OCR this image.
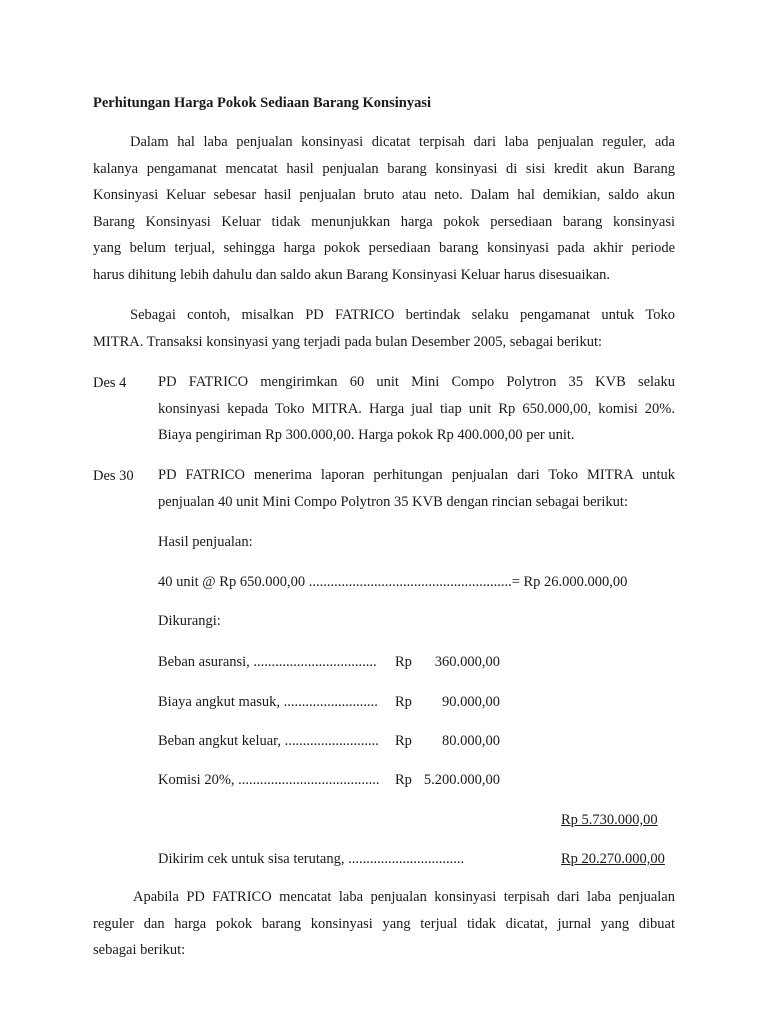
Perhitungan Harga Pokok Sediaan Barang Konsinyasi
Dalam hal laba penjualan konsinyasi dicatat terpisah dari laba penjualan reguler, ada
kalanya pengamanat mencatat hasil penjualan barang konsinyasi di sisi kredit akun Barang
Konsinyasi Keluar sebesar hasil penjualan bruto atau neto. Dalam hal demikian, saldo akun
Barang Konsinyasi Keluar tidak menunjukkan harga pokok persediaan barang konsinyasi
yang belum terjual, sehingga harga pokok persediaan barang konsinyasi pada akhir periode
harus dihitung lebih dahulu dan saldo akun Barang Konsinyasi Keluar harus disesuaikan.
Sebagai contoh, misalkan PD FATRICO bertindak selaku pengamanat untuk Toko
MITRA. Transaksi konsinyasi yang terjadi pada bulan Desember 2005, sebagai berikut:
Des 4 PD FATRICO mengirimkan 60 unit Mini Compo Polytron 35 KVB selaku
konsinyasi kepada Toko MITRA. Harga jual tiap unit Rp 650.000,00, komisi 20%.
Biaya pengiriman Rp 300.000,00. Harga pokok Rp 400.000,00 per unit.
Des 30 PD FATRICO menerima laporan perhitungan penjualan dari Toko MITRA untuk
penjualan 40 unit Mini Compo Polytron 35 KVB dengan rincian sebagai berikut:
Hasil penjualan:
40 unit @ Rp 650.000,00 ........................................................= Rp 26.000.000,00
Dikurangi:
Beban asuransi, .................................. Rp 360.000,00
Biaya angkut masuk, .......................... Rp 90.000,00
Beban angkut keluar, .......................... Rp 80.000,00
Komisi 20%, ....................................... Rp 5.200.000,00
Rp 5.730.000,00
Dikirim cek untuk sisa terutang, ................................	Rp 20.270.000,00
Apabila PD FATRICO mencatat laba penjualan konsinyasi terpisah dari laba penjualan
reguler dan harga pokok barang konsinyasi yang terjual tidak dicatat, jurnal yang dibuat
sebagai berikut:
